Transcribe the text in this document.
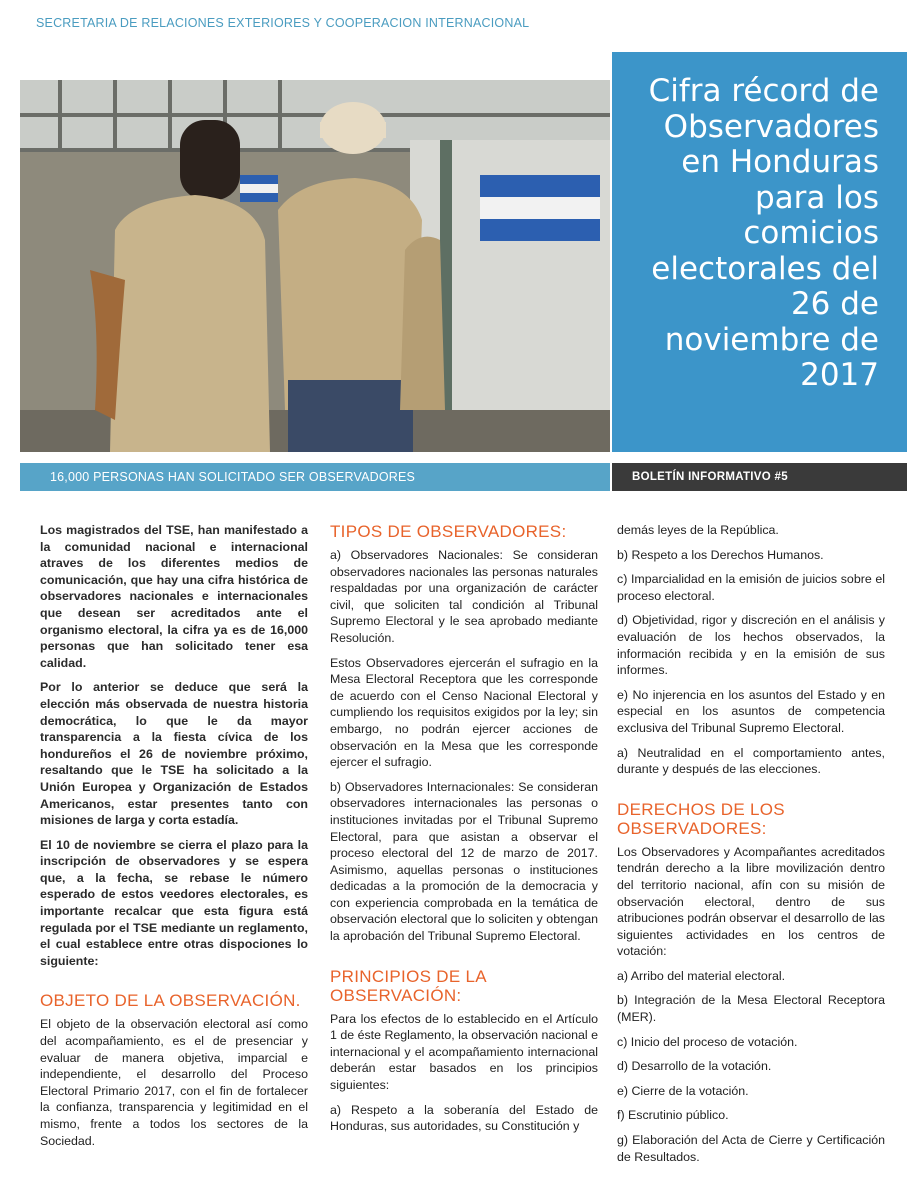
SECRETARIA DE RELACIONES EXTERIORES Y COOPERACION INTERNACIONAL
Cifra récord de Observadores en Honduras para los comicios electorales del 26 de noviembre de 2017
16,000 PERSONAS HAN SOLICITADO SER OBSERVADORES	BOLETÍN INFORMATIVO #5

Los magistrados del TSE, han manifestado a la comunidad nacional e internacional atraves de los diferentes medios de comunicación, que hay una cifra histórica de observadores nacionales e internacionales que desean ser acreditados ante el organismo electoral, la cifra ya es de 16,000 personas que han solicitado tener esa calidad.

Por lo anterior se deduce que será la elección más observada de nuestra historia democrática, lo que le da mayor transparencia a la fiesta cívica de los hondureños el 26 de noviembre próximo, resaltando que le TSE ha solicitado a la Unión Europea y Organización de Estados Americanos, estar presentes tanto con misiones de larga y corta estadía.

El 10 de noviembre se cierra el plazo para la inscripción de observadores y se espera que, a la fecha, se rebase le número esperado de estos veedores electorales, es importante recalcar que esta figura está regulada por el TSE mediante un reglamento, el cual establece entre otras dispociones lo siguiente:

OBJETO DE LA OBSERVACIÓN.

El objeto de la observación electoral así como del acompañamiento, es el de presenciar y evaluar de manera objetiva, imparcial e independiente, el desarrollo del Proceso Electoral Primario 2017, con el fin de fortalecer la confianza, transparencia y legitimidad en el mismo, frente a todos los sectores de la Sociedad.

TIPOS DE OBSERVADORES:

a) Observadores Nacionales: Se consideran observadores nacionales las personas naturales respaldadas por una organización de carácter civil, que soliciten tal condición al Tribunal Supremo Electoral y le sea aprobado mediante Resolución.

Estos Observadores ejercerán el sufragio en la Mesa Electoral Receptora que les corresponde de acuerdo con el Censo Nacional Electoral y cumpliendo los requisitos exigidos por la ley; sin embargo, no podrán ejercer acciones de observación en la Mesa que les corresponde ejercer el sufragio.

b) Observadores Internacionales: Se consideran observadores internacionales las personas o instituciones invitadas por el Tribunal Supremo Electoral, para que asistan a observar el proceso electoral del 12 de marzo de 2017. Asimismo, aquellas personas o instituciones dedicadas a la promoción de la democracia y con experiencia comprobada en la temática de observación electoral que lo soliciten y obtengan la aprobación del Tribunal Supremo Electoral.

PRINCIPIOS DE LA OBSERVACIÓN:

Para los efectos de lo establecido en el Artículo 1 de éste Reglamento, la observación nacional e internacional y el acompañamiento internacional deberán estar basados en los principios siguientes:

a) Respeto a la soberanía del Estado de Honduras, sus autoridades, su Constitución y

demás leyes de la República.

b) Respeto a los Derechos Humanos.

c) Imparcialidad en la emisión de juicios sobre el proceso electoral.

d) Objetividad, rigor y discreción en el análisis y evaluación de los hechos observados, la información recibida y en la emisión de sus informes.

e) No injerencia en los asuntos del Estado y en especial en los asuntos de competencia exclusiva del Tribunal Supremo Electoral.

a) Neutralidad en el comportamiento antes, durante y después de las elecciones.

DERECHOS DE LOS OBSERVADORES:

Los Observadores y Acompañantes acreditados tendrán derecho a la libre movilización dentro del territorio nacional, afín con su misión de observación electoral, dentro de sus atribuciones podrán observar el desarrollo de las siguientes actividades en los centros de votación:

a) Arribo del material electoral.

b) Integración de la Mesa Electoral Receptora (MER).

c) Inicio del proceso de votación.

d) Desarrollo de la votación.

e) Cierre de la votación.

f) Escrutinio público.

g) Elaboración del Acta de Cierre y Certificación de Resultados.
